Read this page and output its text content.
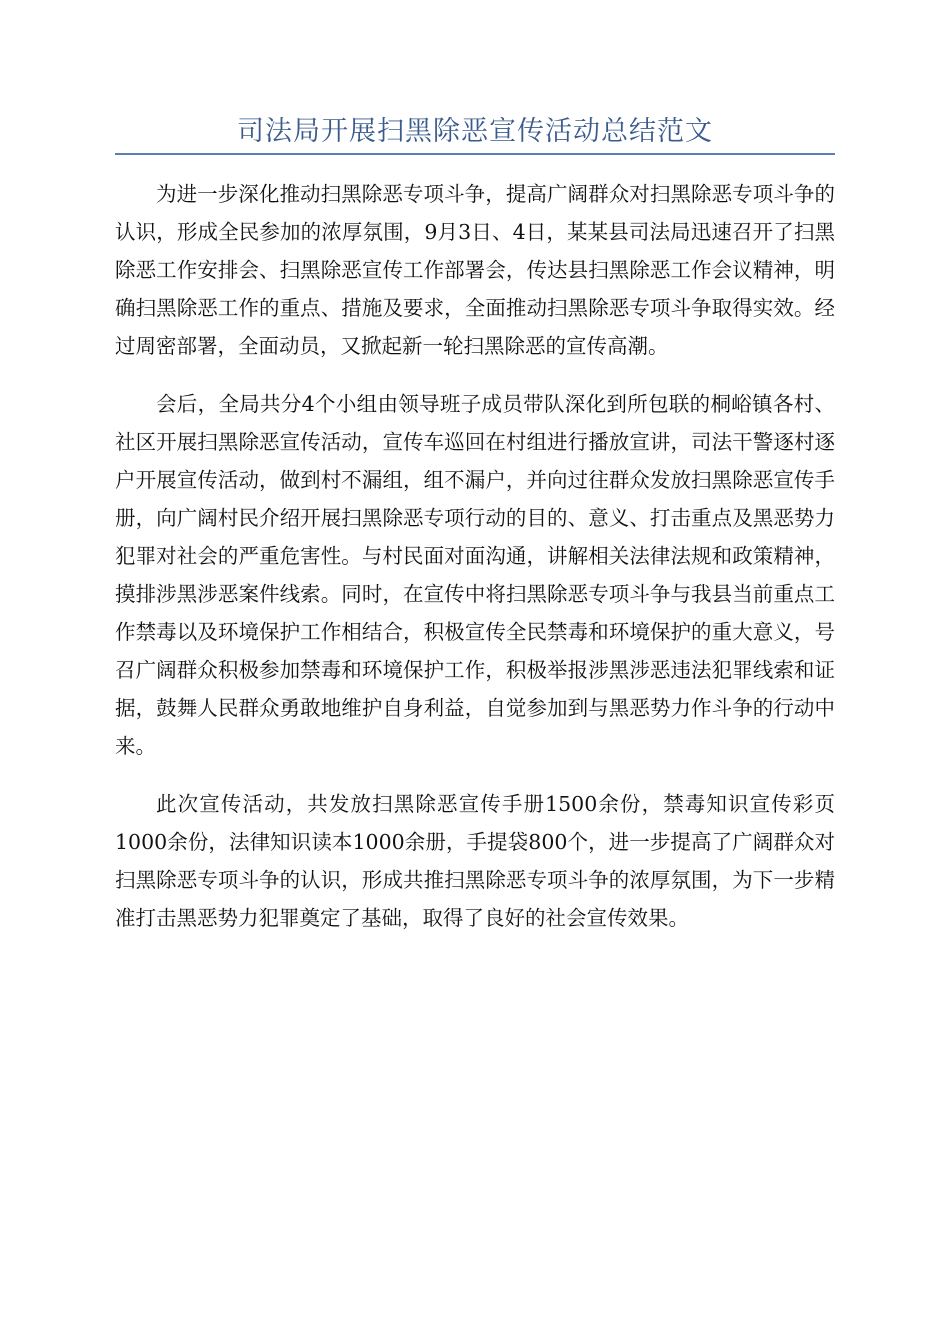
司法局开展扫黑除恶宣传活动总结范文

为进一步深化推动扫黑除恶专项斗争，提高广阔群众对扫黑除恶专项斗争的认识，形成全民参加的浓厚氛围，9月3日、4日，某某县司法局迅速召开了扫黑除恶工作安排会、扫黑除恶宣传工作部署会，传达县扫黑除恶工作会议精神，明确扫黑除恶工作的重点、措施及要求，全面推动扫黑除恶专项斗争取得实效。经过周密部署，全面动员，又掀起新一轮扫黑除恶的宣传高潮。

会后，全局共分4个小组由领导班子成员带队深化到所包联的桐峪镇各村、社区开展扫黑除恶宣传活动，宣传车巡回在村组进行播放宣讲，司法干警逐村逐户开展宣传活动，做到村不漏组，组不漏户，并向过往群众发放扫黑除恶宣传手册，向广阔村民介绍开展扫黑除恶专项行动的目的、意义、打击重点及黑恶势力犯罪对社会的严重危害性。与村民面对面沟通，讲解相关法律法规和政策精神，摸排涉黑涉恶案件线索。同时，在宣传中将扫黑除恶专项斗争与我县当前重点工作禁毒以及环境保护工作相结合，积极宣传全民禁毒和环境保护的重大意义，号召广阔群众积极参加禁毒和环境保护工作，积极举报涉黑涉恶违法犯罪线索和证据，鼓舞人民群众勇敢地维护自身利益，自觉参加到与黑恶势力作斗争的行动中来。

此次宣传活动，共发放扫黑除恶宣传手册1500余份，禁毒知识宣传彩页1000余份，法律知识读本1000余册，手提袋800个，进一步提高了广阔群众对扫黑除恶专项斗争的认识，形成共推扫黑除恶专项斗争的浓厚氛围，为下一步精准打击黑恶势力犯罪奠定了基础，取得了良好的社会宣传效果。
